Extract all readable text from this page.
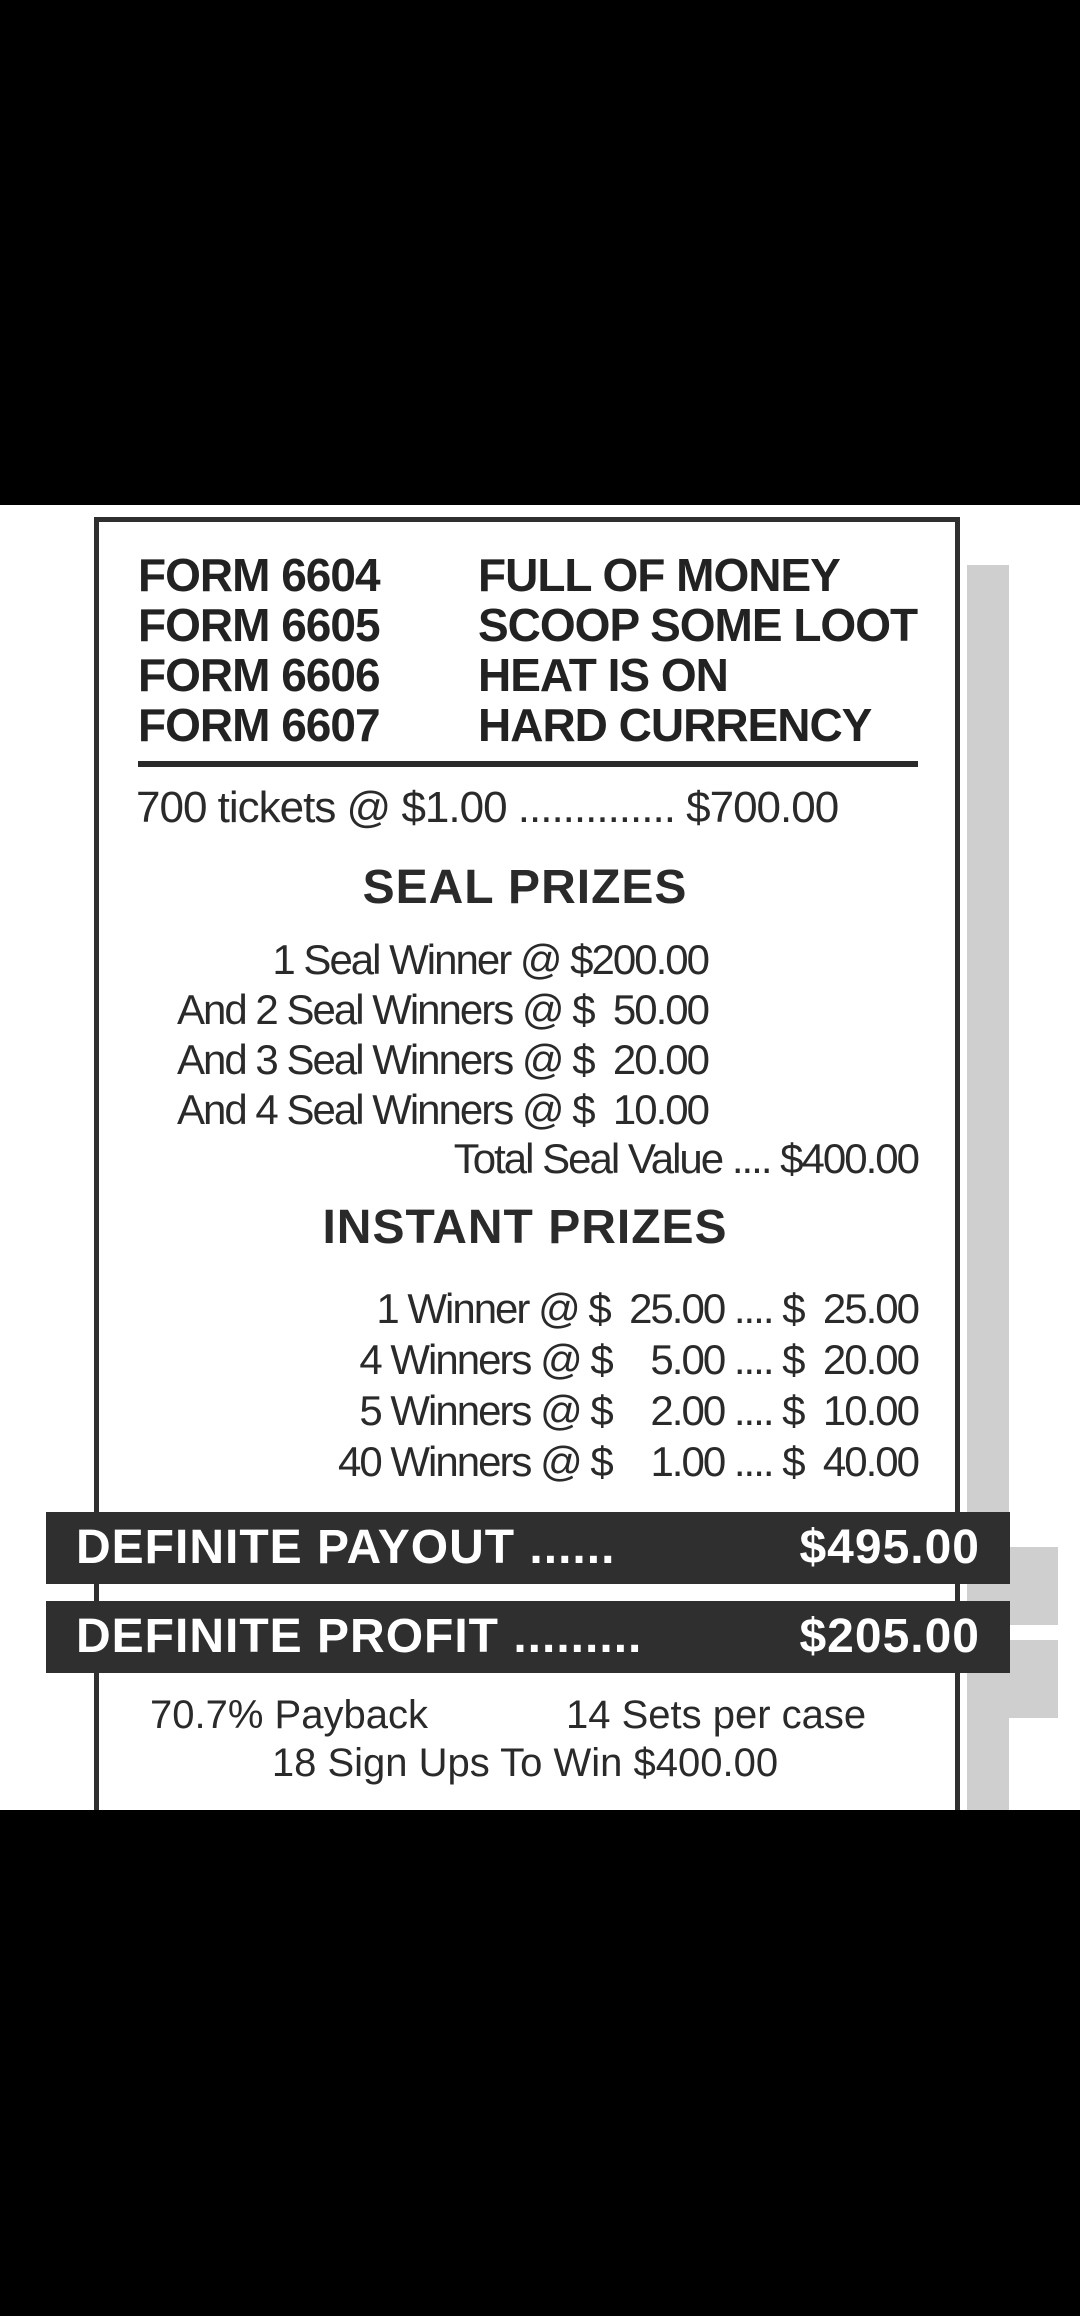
FORM 6604 FULL OF MONEY
FORM 6605 SCOOP SOME LOOT
FORM 6606 HEAT IS ON
FORM 6607 HARD CURRENCY
700 tickets @ $1.00 .............. $700.00
SEAL PRIZES
1 Seal Winner @ $200.00
And 2 Seal Winners @ $  50.00
And 3 Seal Winners @ $  20.00
And 4 Seal Winners @ $  10.00
Total Seal Value .... $400.00
INSTANT PRIZES
1 Winner @ $  25.00 .... $  25.00
4 Winners @ $    5.00 .... $  20.00
5 Winners @ $    2.00 .... $  10.00
40 Winners @ $    1.00 .... $  40.00
DEFINITE PAYOUT ......	$495.00
DEFINITE PROFIT .........	$205.00
70.7% Payback	14 Sets per case
18 Sign Ups To Win $400.00
